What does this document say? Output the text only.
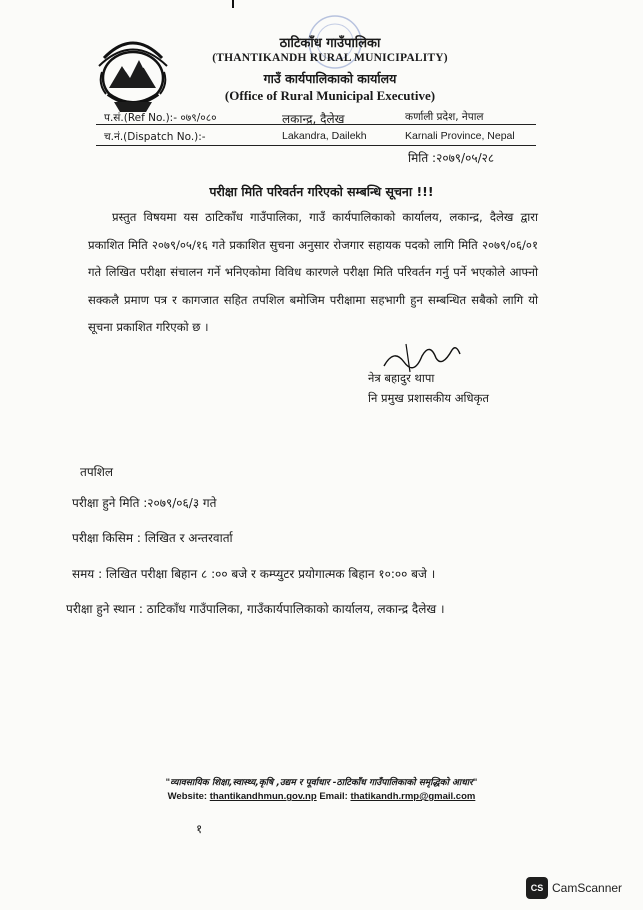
ठाटिकाँध गाउँपालिका
(THANTIKANDH RURAL MUNICIPALITY)
गाउँ कार्यपालिकाको कार्यालय
(Office of Rural Municipal Executive)
प.सं.(Ref No.):- ०७९/०८०	लकान्द्र, दैलेख	कर्णाली प्रदेश, नेपाल
च.नं.(Dispatch No.):-	Lakandra, Dailekh	Karnali Province, Nepal
मिति :२०७९/०५/२८
परीक्षा मिति परिवर्तन गरिएको सम्बन्धि सूचना !!!

प्रस्तुत विषयमा यस ठाटिकाँध गाउँपालिका, गाउँ कार्यपालिकाको कार्यालय, लकान्द्र, दैलेख द्वारा प्रकाशित मिति २०७९/०५/१६ गते प्रकाशित सुचना अनुसार रोजगार सहायक पदको लागि मिति २०७९/०६/०१ गते लिखित परीक्षा संचालन गर्ने भनिएकोमा विविध कारणले परीक्षा मिति परिवर्तन गर्नु पर्ने भएकोले आफ्नो सक्कलै प्रमाण पत्र र कागजात सहित तपशिल बमोजिम परीक्षामा सहभागी हुन सम्बन्धित सबैको लागि यो सूचना प्रकाशित गरिएको छ ।

नेत्र बहादुर थापा
नि प्रमुख प्रशासकीय अधिकृत
तपशिल
परीक्षा हुने मिति :२०७९/०६/३ गते
परीक्षा किसिम : लिखित र अन्तरवार्ता
समय : लिखित परीक्षा बिहान ८ :०० बजे र कम्प्युटर प्रयोगात्मक बिहान १०:०० बजे ।
परीक्षा हुने स्थान : ठाटिकाँध गाउँपालिका, गाउँकार्यपालिकाको कार्यालय, लकान्द्र दैलेख ।
"व्यावसायिक शिक्षा,स्वास्थ्य,कृषि ,उद्यम र पूर्वाधार -ठाटिकाँध गाउँपालिकाको समृद्धिको आधार"
Website: thantikandhmun.gov.np Email: thatikandh.rmp@gmail.com
१
CS CamScanner
